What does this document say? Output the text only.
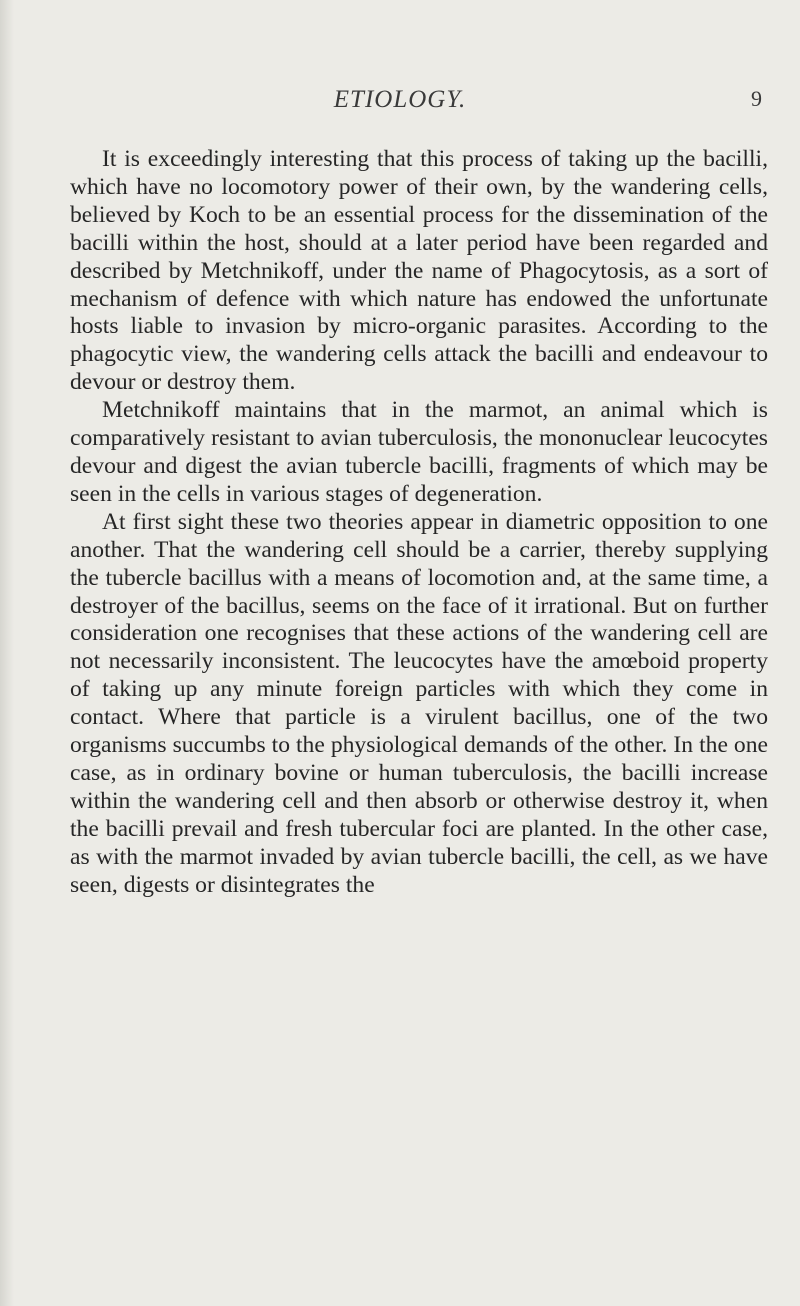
ETIOLOGY.	9

It is exceedingly interesting that this process of taking up the bacilli, which have no locomotory power of their own, by the wandering cells, believed by Koch to be an essential process for the dissemination of the bacilli within the host, should at a later period have been regarded and described by Metchnikoff, under the name of Phagocytosis, as a sort of mechanism of defence with which nature has endowed the unfortunate hosts liable to invasion by micro-organic parasites. According to the phagocytic view, the wandering cells attack the bacilli and endeavour to devour or destroy them.

Metchnikoff maintains that in the marmot, an animal which is comparatively resistant to avian tuberculosis, the mononuclear leucocytes devour and digest the avian tubercle bacilli, fragments of which may be seen in the cells in various stages of degeneration.

At first sight these two theories appear in diametric opposition to one another. That the wandering cell should be a carrier, thereby supplying the tubercle bacillus with a means of locomotion and, at the same time, a destroyer of the bacillus, seems on the face of it irrational. But on further consideration one recognises that these actions of the wandering cell are not necessarily inconsistent. The leucocytes have the amœboid property of taking up any minute foreign particles with which they come in contact. Where that particle is a virulent bacillus, one of the two organisms succumbs to the physiological demands of the other. In the one case, as in ordinary bovine or human tuberculosis, the bacilli increase within the wandering cell and then absorb or otherwise destroy it, when the bacilli prevail and fresh tubercular foci are planted. In the other case, as with the marmot invaded by avian tubercle bacilli, the cell, as we have seen, digests or disintegrates the
